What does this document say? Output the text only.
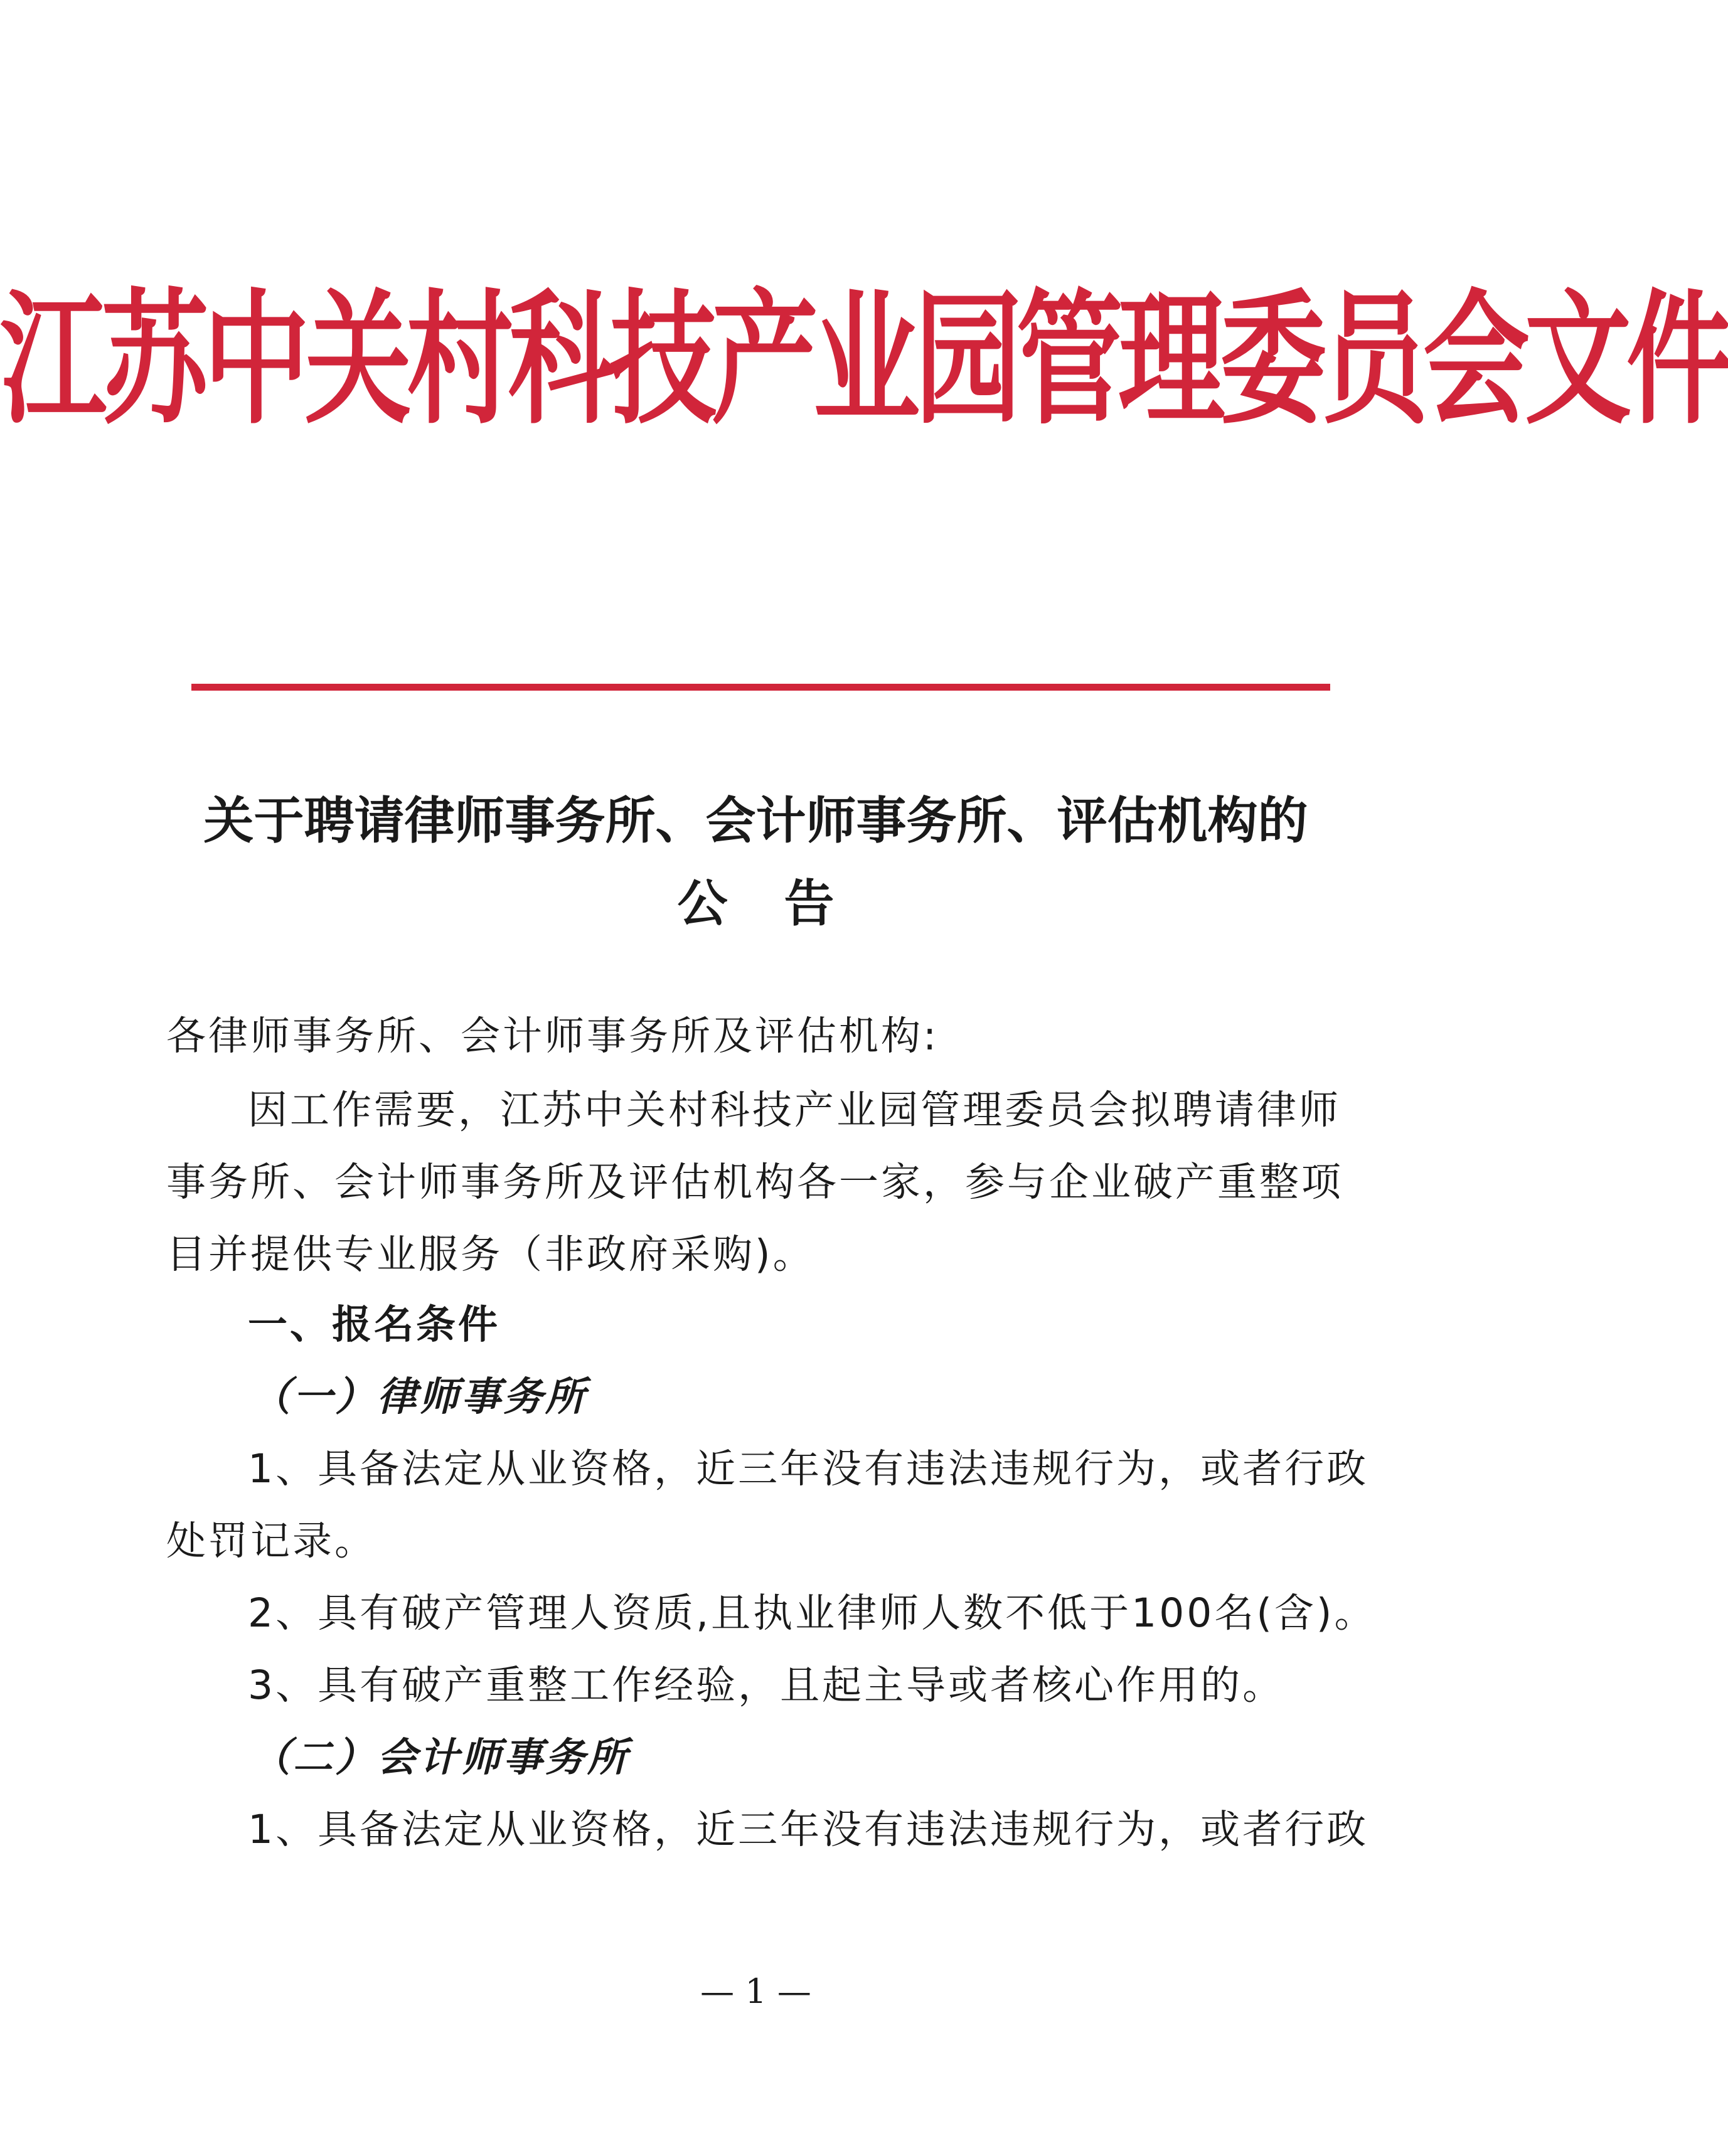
江苏中关村科技产业园管理委员会文件
关于聘请律师事务所、会计师事务所、评估机构的
公告
各律师事务所、会计师事务所及评估机构:
因工作需要，江苏中关村科技产业园管理委员会拟聘请律师
事务所、会计师事务所及评估机构各一家，参与企业破产重整项
目并提供专业服务（非政府采购)。
一、报名条件
（一）律师事务所
1、具备法定从业资格，近三年没有违法违规行为，或者行政
处罚记录。
2、具有破产管理人资质,且执业律师人数不低于100名(含)。
3、具有破产重整工作经验，且起主导或者核心作用的。
（二）会计师事务所
1、具备法定从业资格，近三年没有违法违规行为，或者行政
— 1 —
